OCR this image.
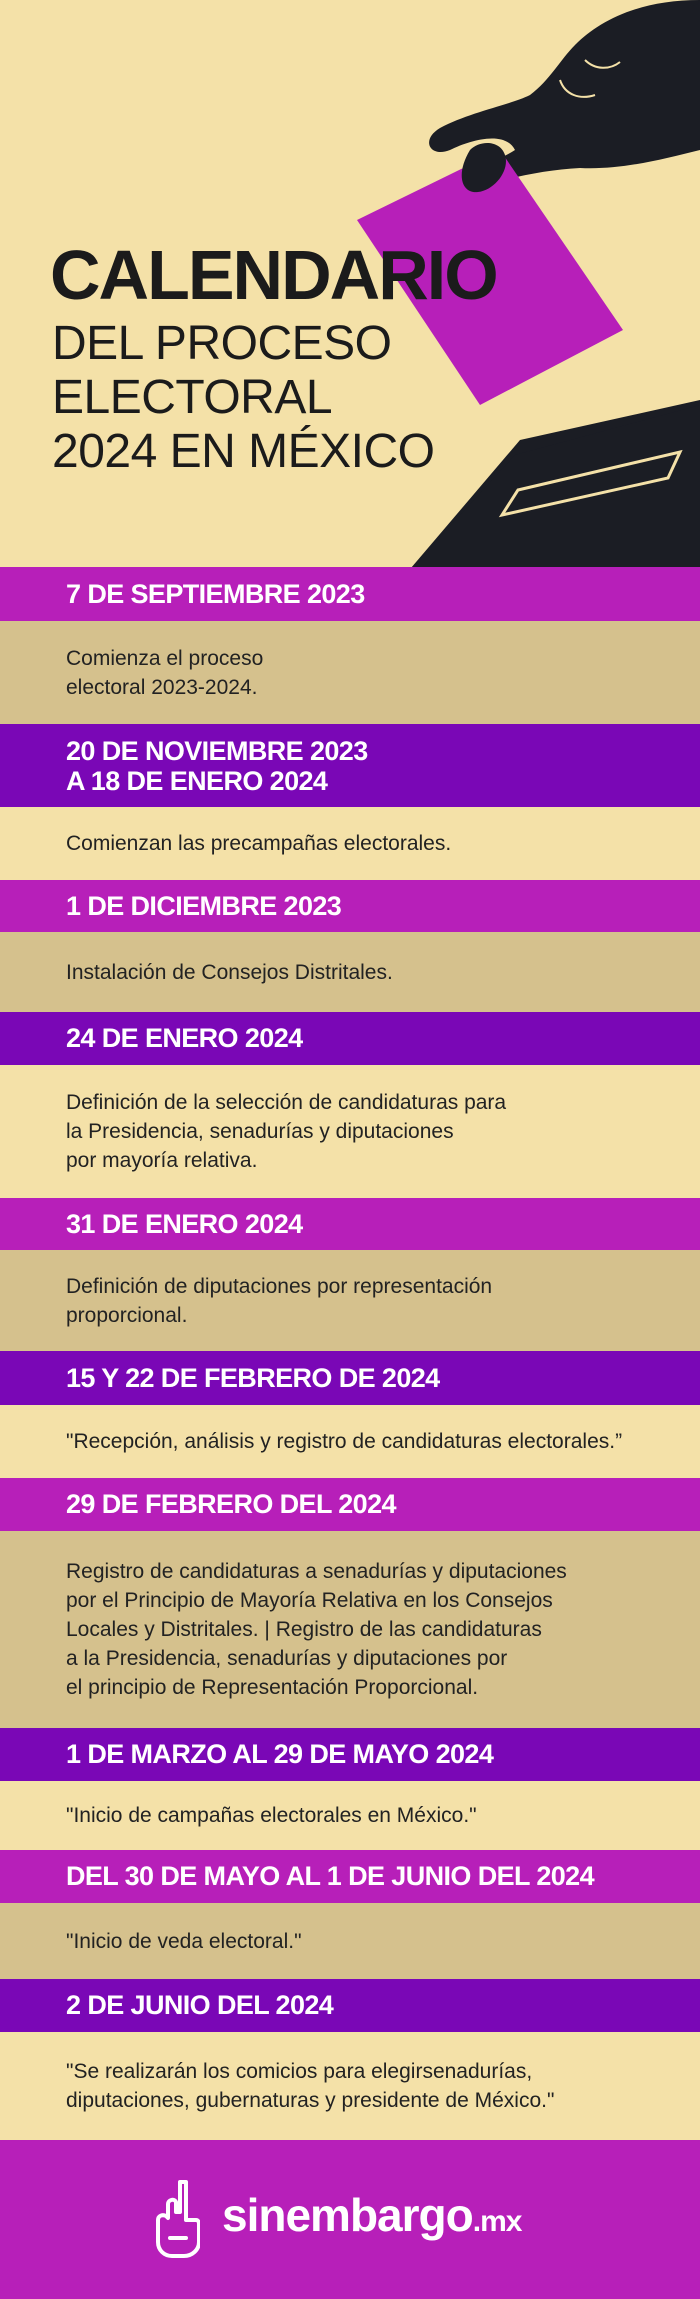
CALENDARIO
DEL PROCESO
ELECTORAL
2024 EN MÉXICO
7 DE SEPTIEMBRE 2023
Comienza el proceso
electoral 2023-2024.
20 DE NOVIEMBRE 2023
A 18 DE ENERO 2024
Comienzan las precampañas electorales.
1 DE DICIEMBRE 2023
Instalación de Consejos Distritales.
24 DE ENERO 2024
Definición de la selección de candidaturas para
la Presidencia, senadurías y diputaciones
por mayoría relativa.
31 DE ENERO 2024
Definición de diputaciones por representación
proporcional.
15 Y 22 DE FEBRERO DE 2024
"Recepción, análisis y registro de candidaturas electorales.”
29 DE FEBRERO DEL 2024
Registro de candidaturas a senadurías y diputaciones
por el Principio de Mayoría Relativa en los Consejos
Locales y Distritales. | Registro de las candidaturas
a la Presidencia, senadurías y diputaciones por
el principio de Representación Proporcional.
1 DE MARZO AL 29 DE MAYO 2024
"Inicio de campañas electorales en México."
DEL 30 DE MAYO AL 1 DE JUNIO DEL 2024
"Inicio de veda electoral."
2 DE JUNIO DEL 2024
"Se realizarán los comicios para elegirsenadurías,
diputaciones, gubernaturas y presidente de México."
sinembargo.mx
